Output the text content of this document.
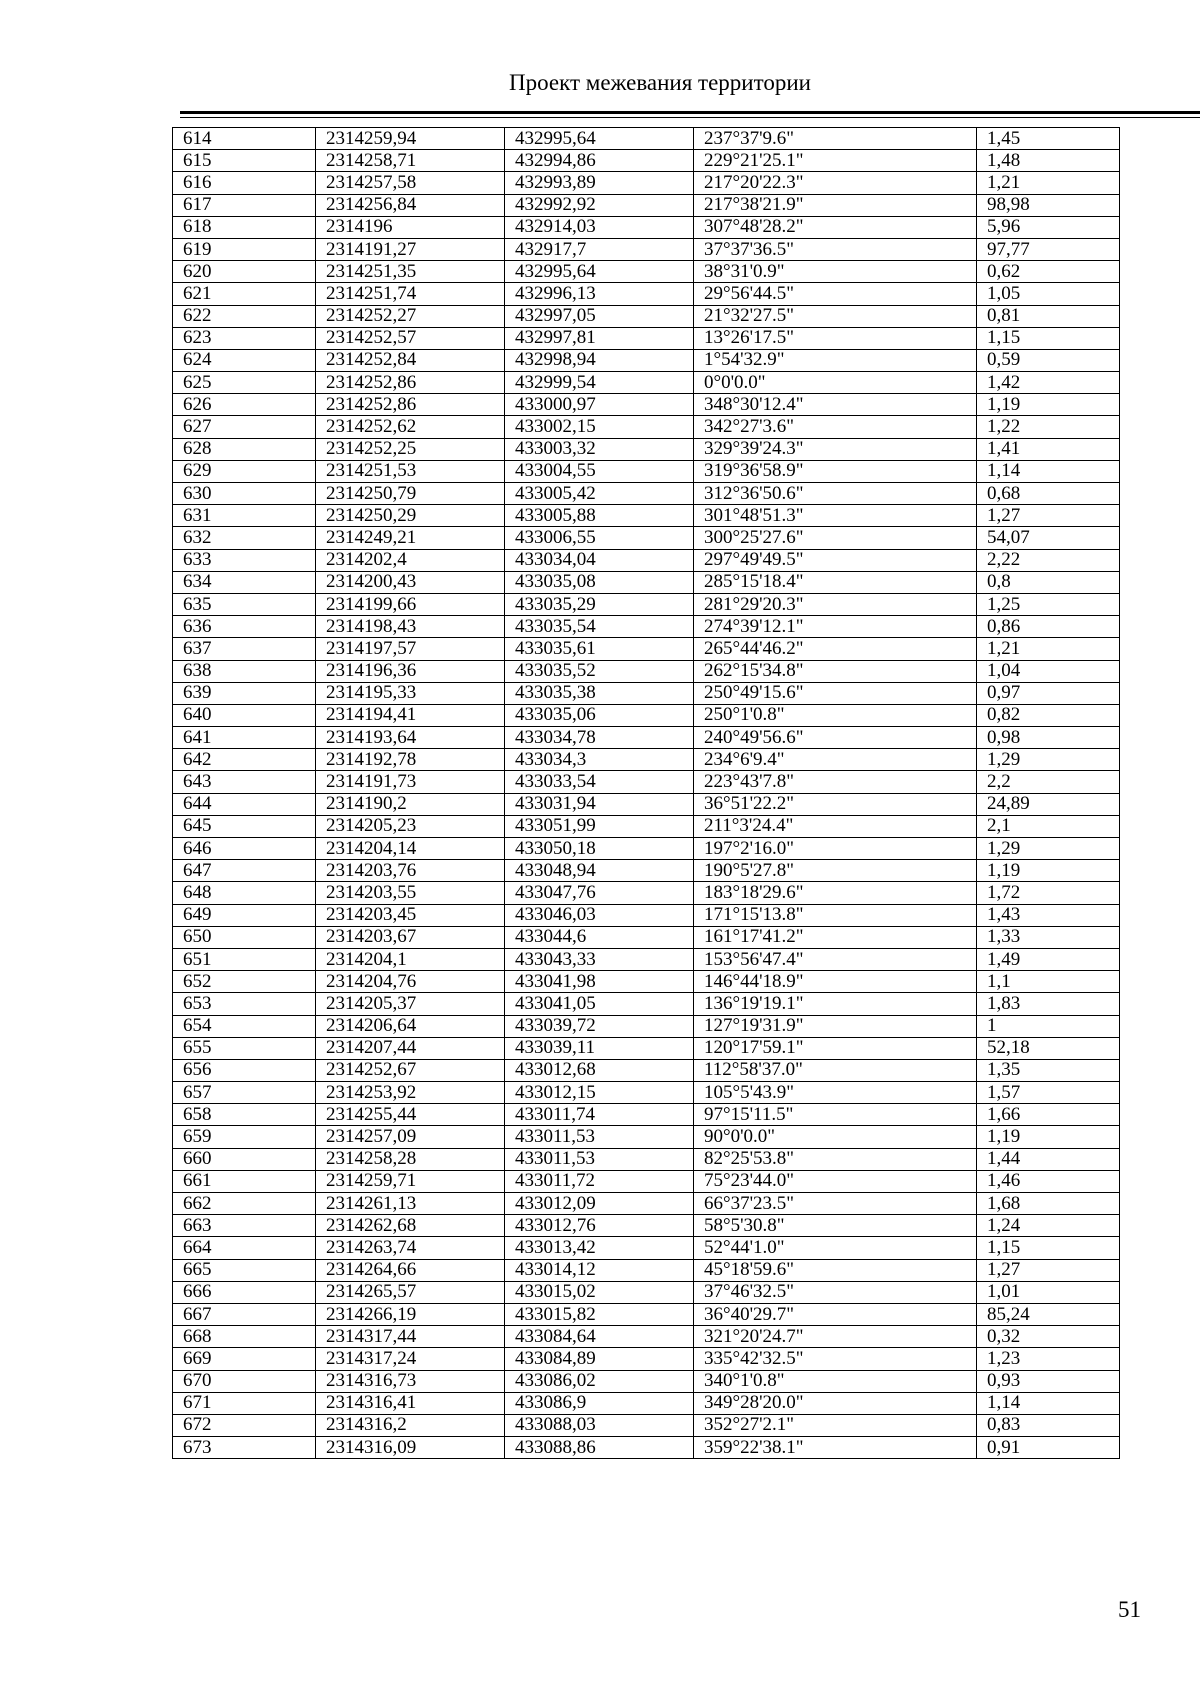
Проект межевания территории
614	2314259,94	432995,64	237°37'9.6"	1,45
615	2314258,71	432994,86	229°21'25.1"	1,48
616	2314257,58	432993,89	217°20'22.3"	1,21
617	2314256,84	432992,92	217°38'21.9"	98,98
618	2314196	432914,03	307°48'28.2"	5,96
619	2314191,27	432917,7	37°37'36.5"	97,77
620	2314251,35	432995,64	38°31'0.9"	0,62
621	2314251,74	432996,13	29°56'44.5"	1,05
622	2314252,27	432997,05	21°32'27.5"	0,81
623	2314252,57	432997,81	13°26'17.5"	1,15
624	2314252,84	432998,94	1°54'32.9"	0,59
625	2314252,86	432999,54	0°0'0.0"	1,42
626	2314252,86	433000,97	348°30'12.4"	1,19
627	2314252,62	433002,15	342°27'3.6"	1,22
628	2314252,25	433003,32	329°39'24.3"	1,41
629	2314251,53	433004,55	319°36'58.9"	1,14
630	2314250,79	433005,42	312°36'50.6"	0,68
631	2314250,29	433005,88	301°48'51.3"	1,27
632	2314249,21	433006,55	300°25'27.6"	54,07
633	2314202,4	433034,04	297°49'49.5"	2,22
634	2314200,43	433035,08	285°15'18.4"	0,8
635	2314199,66	433035,29	281°29'20.3"	1,25
636	2314198,43	433035,54	274°39'12.1"	0,86
637	2314197,57	433035,61	265°44'46.2"	1,21
638	2314196,36	433035,52	262°15'34.8"	1,04
639	2314195,33	433035,38	250°49'15.6"	0,97
640	2314194,41	433035,06	250°1'0.8"	0,82
641	2314193,64	433034,78	240°49'56.6"	0,98
642	2314192,78	433034,3	234°6'9.4"	1,29
643	2314191,73	433033,54	223°43'7.8"	2,2
644	2314190,2	433031,94	36°51'22.2"	24,89
645	2314205,23	433051,99	211°3'24.4"	2,1
646	2314204,14	433050,18	197°2'16.0"	1,29
647	2314203,76	433048,94	190°5'27.8"	1,19
648	2314203,55	433047,76	183°18'29.6"	1,72
649	2314203,45	433046,03	171°15'13.8"	1,43
650	2314203,67	433044,6	161°17'41.2"	1,33
651	2314204,1	433043,33	153°56'47.4"	1,49
652	2314204,76	433041,98	146°44'18.9"	1,1
653	2314205,37	433041,05	136°19'19.1"	1,83
654	2314206,64	433039,72	127°19'31.9"	1
655	2314207,44	433039,11	120°17'59.1"	52,18
656	2314252,67	433012,68	112°58'37.0"	1,35
657	2314253,92	433012,15	105°5'43.9"	1,57
658	2314255,44	433011,74	97°15'11.5"	1,66
659	2314257,09	433011,53	90°0'0.0"	1,19
660	2314258,28	433011,53	82°25'53.8"	1,44
661	2314259,71	433011,72	75°23'44.0"	1,46
662	2314261,13	433012,09	66°37'23.5"	1,68
663	2314262,68	433012,76	58°5'30.8"	1,24
664	2314263,74	433013,42	52°44'1.0"	1,15
665	2314264,66	433014,12	45°18'59.6"	1,27
666	2314265,57	433015,02	37°46'32.5"	1,01
667	2314266,19	433015,82	36°40'29.7"	85,24
668	2314317,44	433084,64	321°20'24.7"	0,32
669	2314317,24	433084,89	335°42'32.5"	1,23
670	2314316,73	433086,02	340°1'0.8"	0,93
671	2314316,41	433086,9	349°28'20.0"	1,14
672	2314316,2	433088,03	352°27'2.1"	0,83
673	2314316,09	433088,86	359°22'38.1"	0,91
51
